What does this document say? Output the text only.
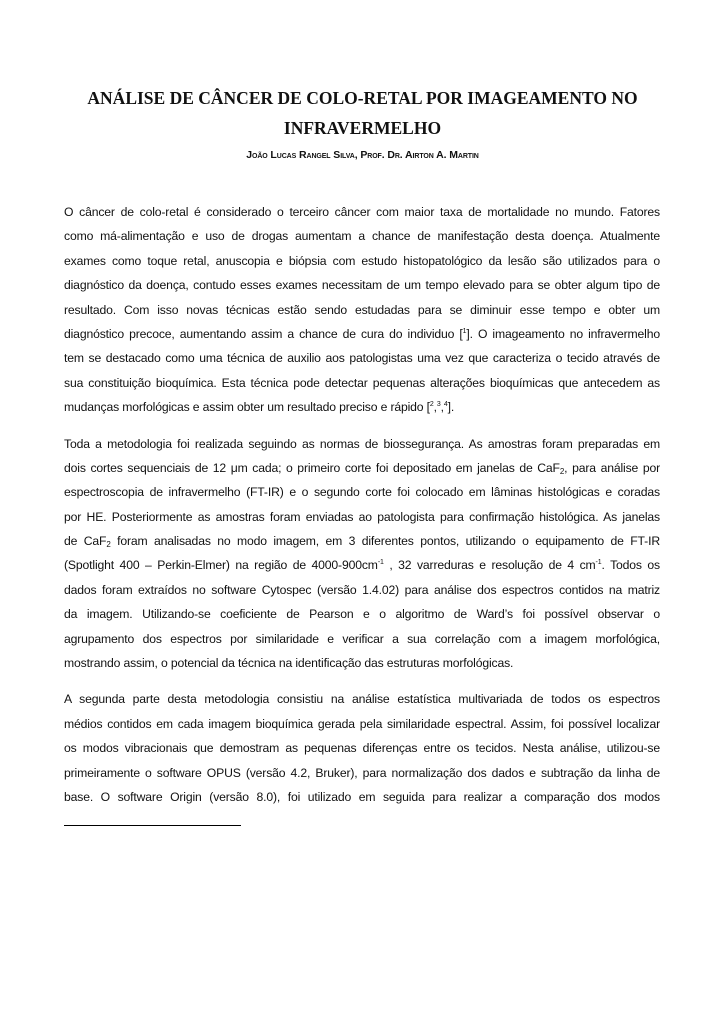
ANÁLISE DE CÂNCER DE COLO-RETAL POR IMAGEAMENTO NO
INFRAVERMELHO
João Lucas Rangel Silva, Prof. Dr. Airton A. Martin
O câncer de colo-retal é considerado o terceiro câncer com maior taxa de mortalidade no mundo. Fatores
como má-alimentação e uso de drogas aumentam a chance de manifestação desta doença. Atualmente
exames como toque retal, anuscopia e biópsia com estudo histopatológico da lesão são utilizados para o
diagnóstico da doença, contudo esses exames necessitam de um tempo elevado para se obter algum tipo de
resultado. Com isso novas técnicas estão sendo estudadas para se diminuir esse tempo e obter um
diagnóstico precoce, aumentando assim a chance de cura do individuo [$^1$]. O imageamento no infravermelho
tem se destacado como uma técnica de auxilio aos patologistas uma vez que caracteriza o tecido através de
sua constituição bioquímica. Esta técnica pode detectar pequenas alterações bioquímicas que antecedem as
mudanças morfológicas e assim obter um resultado preciso e rápido [$^2$,$^3$,$^4$].
Toda a metodologia foi realizada seguindo as normas de biossegurança. As amostras foram preparadas em
dois cortes sequenciais de 12 μm cada; o primeiro corte foi depositado em janelas de CaF$_2$, para análise por
espectroscopia de infravermelho (FT-IR) e o segundo corte foi colocado em lâminas histológicas e coradas
por HE. Posteriormente as amostras foram enviadas ao patologista para confirmação histológica. As janelas
de CaF$_2$ foram analisadas no modo imagem, em 3 diferentes pontos, utilizando o equipamento de FT-IR
(Spotlight 400 – Perkin-Elmer) na região de $4000-900cm^{-1}$ , 32 varreduras e resolução de 4 $cm^{-1}$. Todos os
dados foram extraídos no software Cytospec (versão 1.4.02) para análise dos espectros contidos na matriz
da imagem. Utilizando-se coeficiente de Pearson e o algoritmo de Ward’s foi possível observar o
agrupamento dos espectros por similaridade e verificar a sua correlação com a imagem morfológica,
mostrando assim, o potencial da técnica na identificação das estruturas morfológicas.
A segunda parte desta metodologia consistiu na análise estatística multivariada de todos os espectros
médios contidos em cada imagem bioquímica gerada pela similaridade espectral. Assim, foi possível localizar
os modos vibracionais que demostram as pequenas diferenças entre os tecidos. Nesta análise, utilizou-se
primeiramente o software OPUS (versão 4.2, Bruker), para normalização dos dados e subtração da linha de
base. O software Origin (versão 8.0), foi utilizado em seguida para realizar a comparação dos modos
